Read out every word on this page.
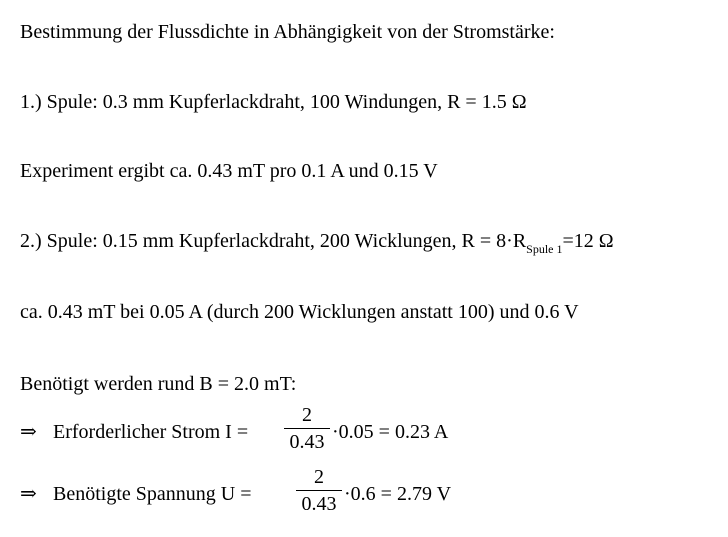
Bestimmung der Flussdichte in Abhängigkeit von der Stromstärke:
1.) Spule: 0.3 mm Kupferlackdraht, 100 Windungen, R = 1.5 Ω
Experiment ergibt ca. 0.43 mT pro 0.1 A und 0.15 V
2.) Spule: 0.15 mm Kupferlackdraht, 200 Wicklungen, $R = 8\cdot R_{Spule 1}=12$ Ω
ca. 0.43 mT bei 0.05 A (durch 200 Wicklungen anstatt 100) und 0.6 V
Benötigt werden rund B = 2.0 mT:
⇒ Erforderlicher Strom I =
2
0.43 ·0.05 = 0.23 A
⇒ Benötigte Spannung U =
2
0.43 ·0.6 = 2.79 V
